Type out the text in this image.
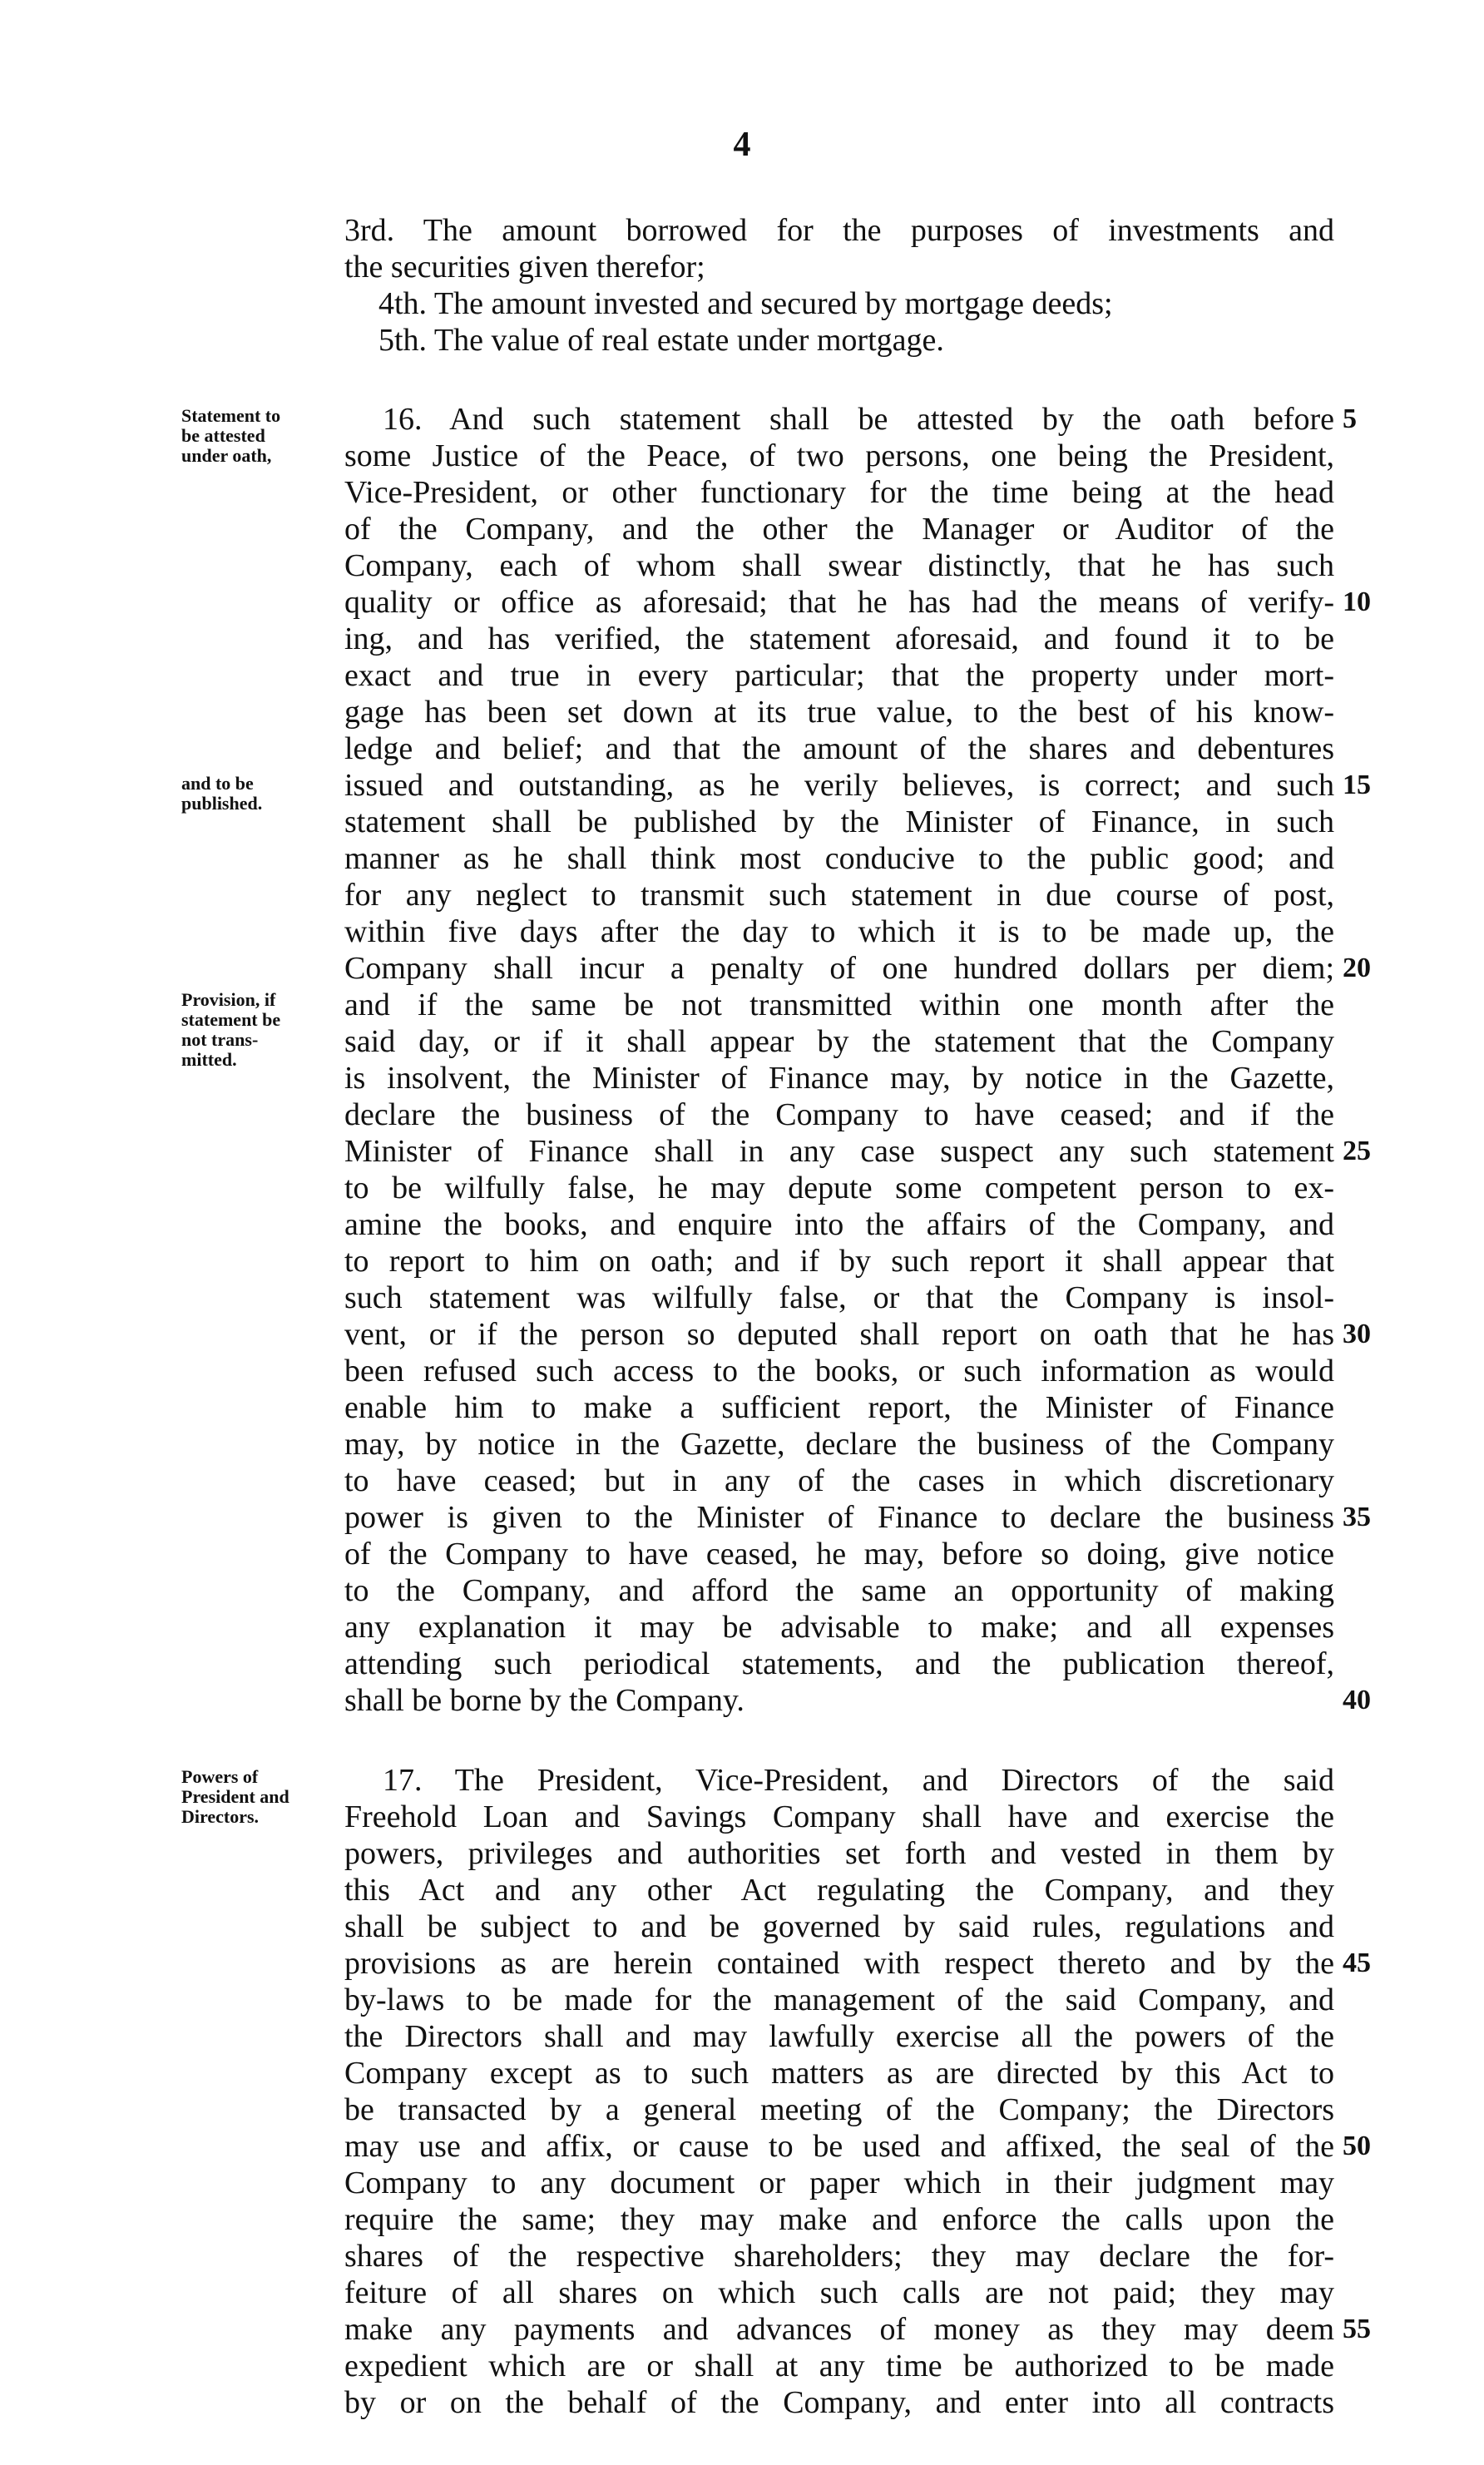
4
3rd. The amount borrowed for the purposes of investments and
the securities given therefor;
4th. The amount invested and secured by mortgage deeds;
5th. The value of real estate under mortgage.
16. And such statement shall be attested by the oath before
some Justice of the Peace, of two persons, one being the President,
Vice-President, or other functionary for the time being at the head
of the Company, and the other the Manager or Auditor of the
Company, each of whom shall swear distinctly, that he has such
quality or office as aforesaid; that he has had the means of verify-
ing, and has verified, the statement aforesaid, and found it to be
exact and true in every particular; that the property under mort-
gage has been set down at its true value, to the best of his know-
ledge and belief; and that the amount of the shares and debentures
issued and outstanding, as he verily believes, is correct; and such
statement shall be published by the Minister of Finance, in such
manner as he shall think most conducive to the public good; and
for any neglect to transmit such statement in due course of post,
within five days after the day to which it is to be made up, the
Company shall incur a penalty of one hundred dollars per diem;
and if the same be not transmitted within one month after the
said day, or if it shall appear by the statement that the Company
is insolvent, the Minister of Finance may, by notice in the Gazette,
declare the business of the Company to have ceased; and if the
Minister of Finance shall in any case suspect any such statement
to be wilfully false, he may depute some competent person to ex-
amine the books, and enquire into the affairs of the Company, and
to report to him on oath; and if by such report it shall appear that
such statement was wilfully false, or that the Company is insol-
vent, or if the person so deputed shall report on oath that he has
been refused such access to the books, or such information as would
enable him to make a sufficient report, the Minister of Finance
may, by notice in the Gazette, declare the business of the Company
to have ceased; but in any of the cases in which discretionary
power is given to the Minister of Finance to declare the business
of the Company to have ceased, he may, before so doing, give notice
to the Company, and afford the same an opportunity of making
any explanation it may be advisable to make; and all expenses
attending such periodical statements, and the publication thereof,
shall be borne by the Company.
17. The President, Vice-President, and Directors of the said
Freehold Loan and Savings Company shall have and exercise the
powers, privileges and authorities set forth and vested in them by
this Act and any other Act regulating the Company, and they
shall be subject to and be governed by said rules, regulations and
provisions as are herein contained with respect thereto and by the
by-laws to be made for the management of the said Company, and
the Directors shall and may lawfully exercise all the powers of the
Company except as to such matters as are directed by this Act to
be transacted by a general meeting of the Company; the Directors
may use and affix, or cause to be used and affixed, the seal of the
Company to any document or paper which in their judgment may
require the same; they may make and enforce the calls upon the
shares of the respective shareholders; they may declare the for-
feiture of all shares on which such calls are not paid; they may
make any payments and advances of money as they may deem
expedient which are or shall at any time be authorized to be made
by or on the behalf of the Company, and enter into all contracts
5
10
15
20
25
30
35
40
45
50
55
Statement to
be attested
under oath,
and to be
published.
Provision, if
statement be
not trans-
mitted.
Powers of
President and
Directors.
